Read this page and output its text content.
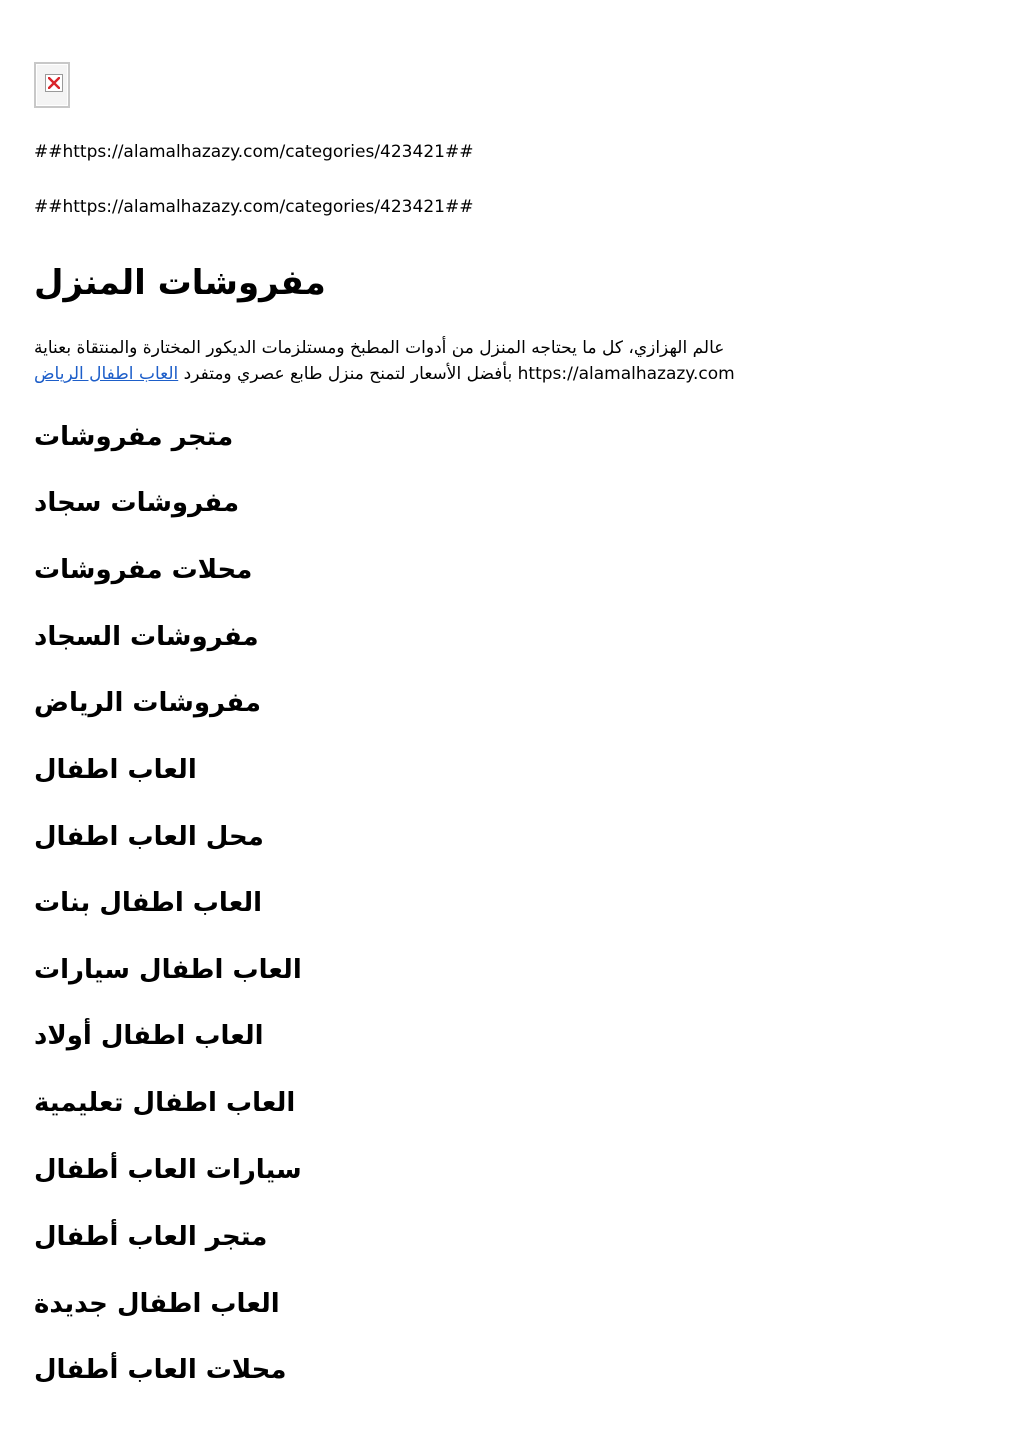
##https://alamalhazazy.com/categories/423421##
##https://alamalhazazy.com/categories/423421##
مفروشات المنزل

عالم الهزازي، كل ما يحتاجه المنزل من أدوات المطبخ ومستلزمات الديكور المختارة والمنتقاة بعناية
العاب اطفال الرياض بأفضل الأسعار لتمنح منزل طابع عصري ومتفرد https://alamalhazazy.com

متجر مفروشات
مفروشات سجاد
محلات مفروشات
مفروشات السجاد
مفروشات الرياض
العاب اطفال
محل العاب اطفال
العاب اطفال بنات
العاب اطفال سيارات
العاب اطفال أولاد
العاب اطفال تعليمية
سيارات العاب أطفال
متجر العاب أطفال
العاب اطفال جديدة
محلات العاب أطفال
